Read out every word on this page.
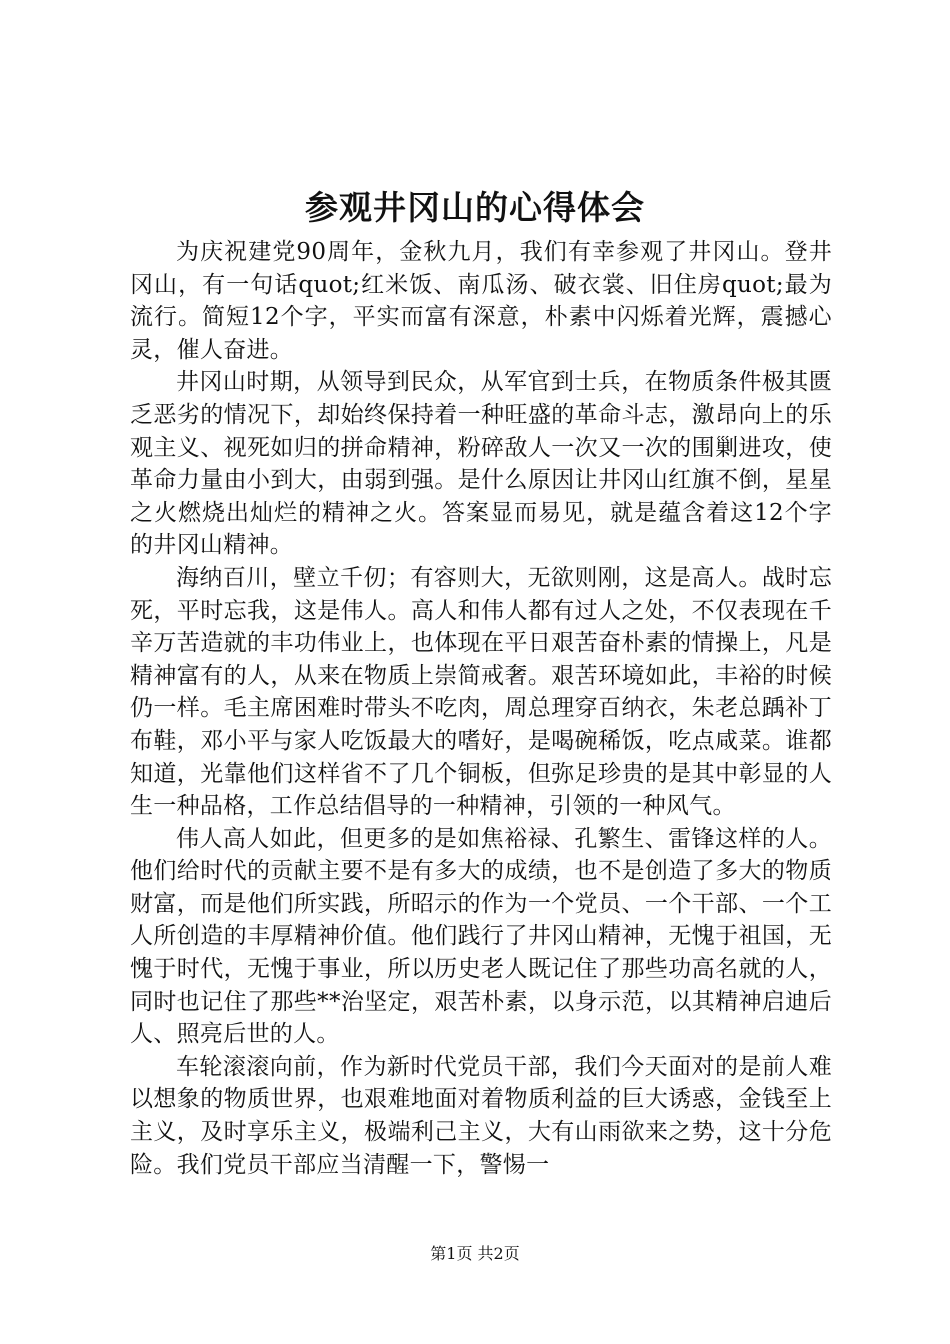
参观井冈山的心得体会

为庆祝建党90周年，金秋九月，我们有幸参观了井冈山。登井冈山，有一句话quot;红米饭、南瓜汤、破衣裳、旧住房quot;最为流行。简短12个字，平实而富有深意，朴素中闪烁着光辉，震撼心灵，催人奋进。

井冈山时期，从领导到民众，从军官到士兵，在物质条件极其匮乏恶劣的情况下，却始终保持着一种旺盛的革命斗志，激昂向上的乐观主义、视死如归的拼命精神，粉碎敌人一次又一次的围剿进攻，使革命力量由小到大，由弱到强。是什么原因让井冈山红旗不倒，星星之火燃烧出灿烂的精神之火。答案显而易见，就是蕴含着这12个字的井冈山精神。

海纳百川，壁立千仞；有容则大，无欲则刚，这是高人。战时忘死，平时忘我，这是伟人。高人和伟人都有过人之处，不仅表现在千辛万苦造就的丰功伟业上，也体现在平日艰苦奋朴素的情操上，凡是精神富有的人，从来在物质上崇简戒奢。艰苦环境如此，丰裕的时候仍一样。毛主席困难时带头不吃肉，周总理穿百纳衣，朱老总踽补丁布鞋，邓小平与家人吃饭最大的嗜好，是喝碗稀饭，吃点咸菜。谁都知道，光靠他们这样省不了几个铜板，但弥足珍贵的是其中彰显的人生一种品格，工作总结倡导的一种精神，引领的一种风气。

伟人高人如此，但更多的是如焦裕禄、孔繁生、雷锋这样的人。他们给时代的贡献主要不是有多大的成绩，也不是创造了多大的物质财富，而是他们所实践，所昭示的作为一个党员、一个干部、一个工人所创造的丰厚精神价值。他们践行了井冈山精神，无愧于祖国，无愧于时代，无愧于事业，所以历史老人既记住了那些功高名就的人，同时也记住了那些**治坚定，艰苦朴素，以身示范，以其精神启迪后人、照亮后世的人。

车轮滚滚向前，作为新时代党员干部，我们今天面对的是前人难以想象的物质世界，也艰难地面对着物质利益的巨大诱惑，金钱至上主义，及时享乐主义，极端利己主义，大有山雨欲来之势，这十分危险。我们党员干部应当清醒一下，警惕一

第1页 共2页
